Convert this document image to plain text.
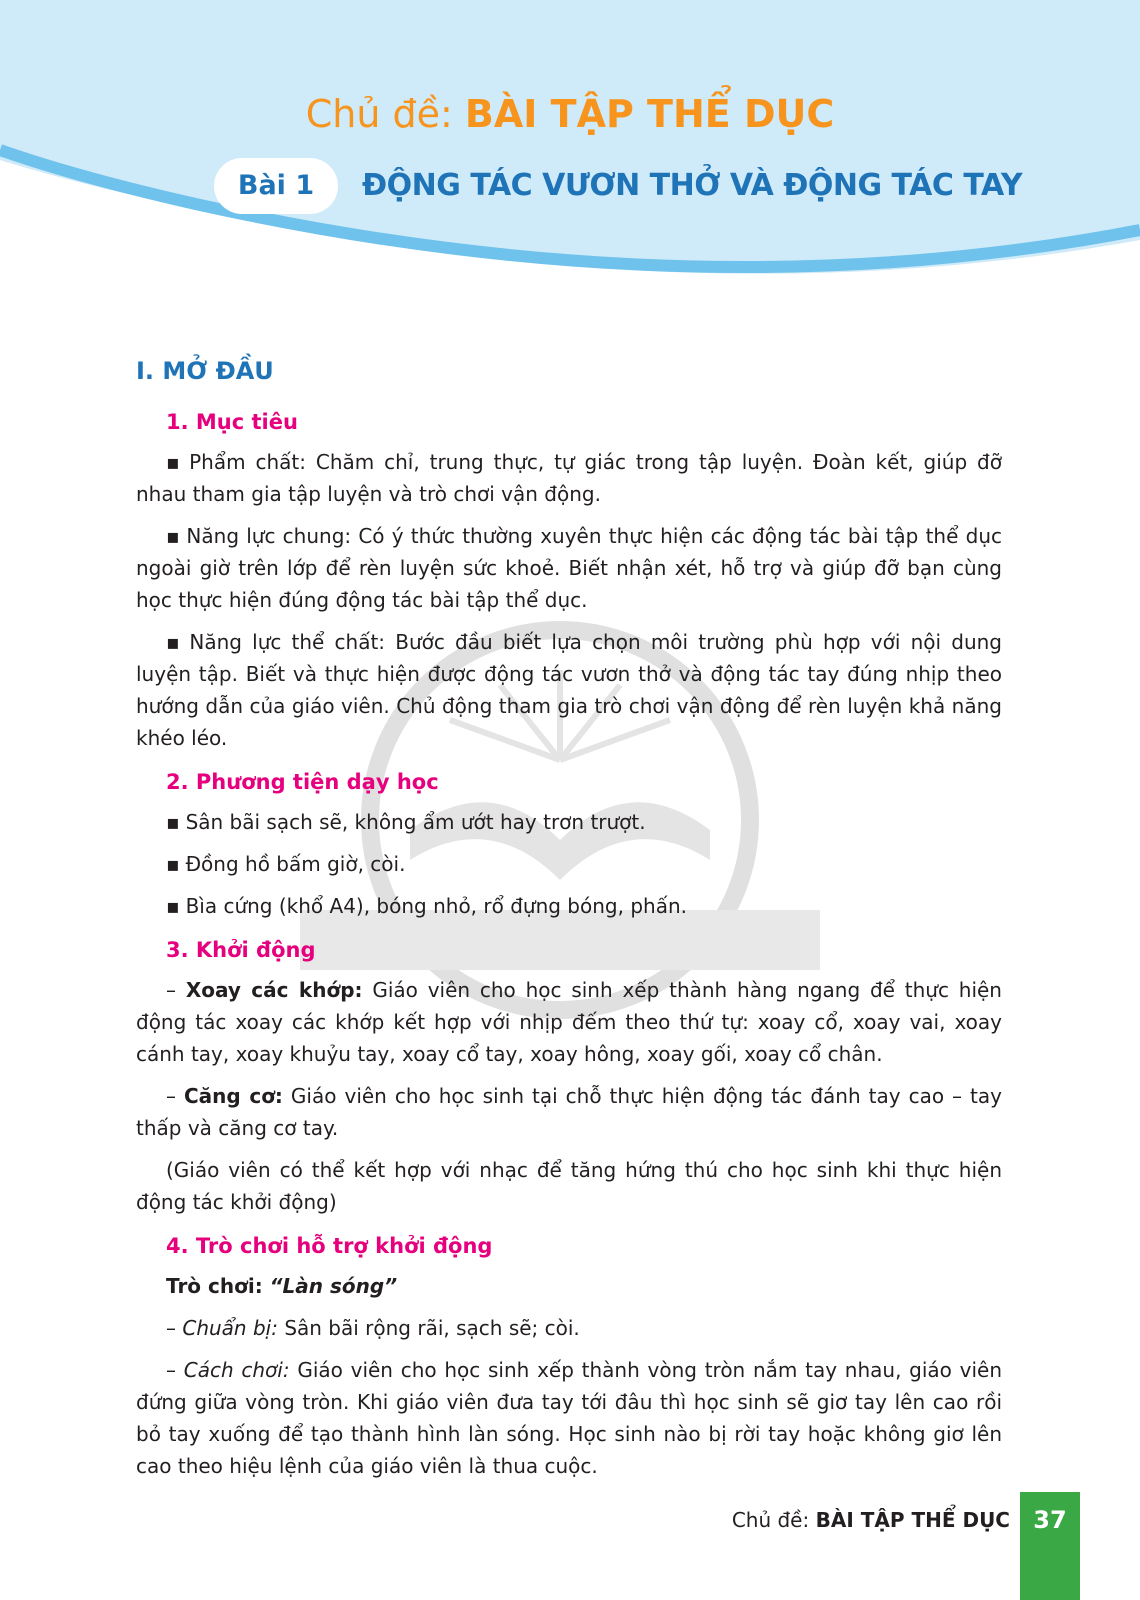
Chủ đề: BÀI TẬP THỂ DỤC
Bài 1	ĐỘNG TÁC VƯƠN THỞ VÀ ĐỘNG TÁC TAY
I. MỞ ĐẦU
1. Mục tiêu
▪ Phẩm chất: Chăm chỉ, trung thực, tự giác trong tập luyện. Đoàn kết, giúp đỡ nhau tham gia tập luyện và trò chơi vận động.
▪ Năng lực chung: Có ý thức thường xuyên thực hiện các động tác bài tập thể dục ngoài giờ trên lớp để rèn luyện sức khoẻ. Biết nhận xét, hỗ trợ và giúp đỡ bạn cùng học thực hiện đúng động tác bài tập thể dục.
▪ Năng lực thể chất: Bước đầu biết lựa chọn môi trường phù hợp với nội dung luyện tập. Biết và thực hiện được động tác vươn thở và động tác tay đúng nhịp theo hướng dẫn của giáo viên. Chủ động tham gia trò chơi vận động để rèn luyện khả năng khéo léo.
2. Phương tiện dạy học
▪ Sân bãi sạch sẽ, không ẩm ướt hay trơn trượt.
▪ Đồng hồ bấm giờ, còi.
▪ Bìa cứng (khổ A4), bóng nhỏ, rổ đựng bóng, phấn.
3. Khởi động
– Xoay các khớp: Giáo viên cho học sinh xếp thành hàng ngang để thực hiện động tác xoay các khớp kết hợp với nhịp đếm theo thứ tự: xoay cổ, xoay vai, xoay cánh tay, xoay khuỷu tay, xoay cổ tay, xoay hông, xoay gối, xoay cổ chân.
– Căng cơ: Giáo viên cho học sinh tại chỗ thực hiện động tác đánh tay cao – tay thấp và căng cơ tay.
(Giáo viên có thể kết hợp với nhạc để tăng hứng thú cho học sinh khi thực hiện động tác khởi động)
4. Trò chơi hỗ trợ khởi động
Trò chơi: “Làn sóng”
– Chuẩn bị: Sân bãi rộng rãi, sạch sẽ; còi.
– Cách chơi: Giáo viên cho học sinh xếp thành vòng tròn nắm tay nhau, giáo viên đứng giữa vòng tròn. Khi giáo viên đưa tay tới đâu thì học sinh sẽ giơ tay lên cao rồi bỏ tay xuống để tạo thành hình làn sóng. Học sinh nào bị rời tay hoặc không giơ lên cao theo hiệu lệnh của giáo viên là thua cuộc.
Chủ đề: BÀI TẬP THỂ DỤC 37
